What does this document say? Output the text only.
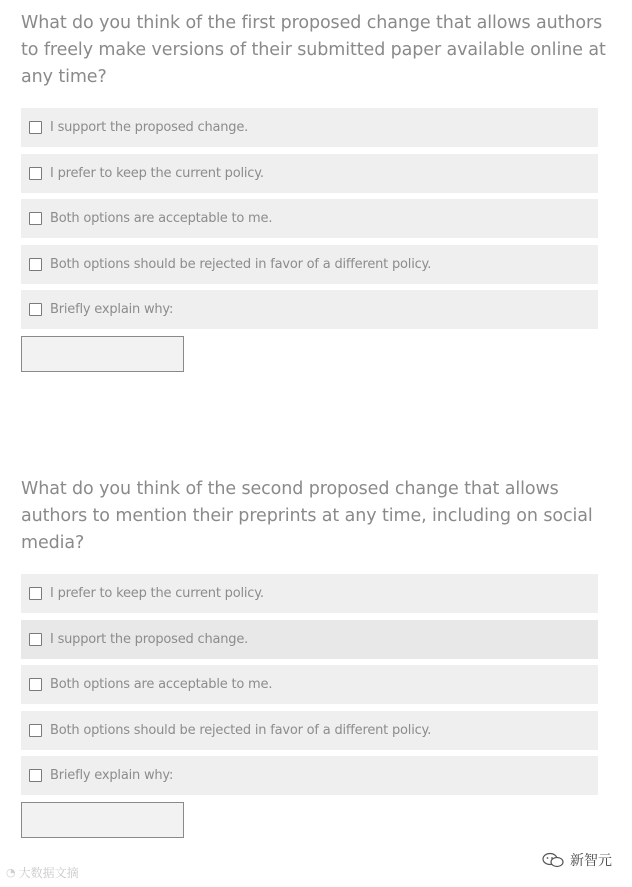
What do you think of the first proposed change that allows authors to freely make versions of their submitted paper available online at any time?
I support the proposed change.
I prefer to keep the current policy.
Both options are acceptable to me.
Both options should be rejected in favor of a different policy.
Briefly explain why:
What do you think of the second proposed change that allows authors to mention their preprints at any time, including on social media?
I prefer to keep the current policy.
I support the proposed change.
Both options are acceptable to me.
Both options should be rejected in favor of a different policy.
Briefly explain why:
◔ 大数据文摘
新智元
